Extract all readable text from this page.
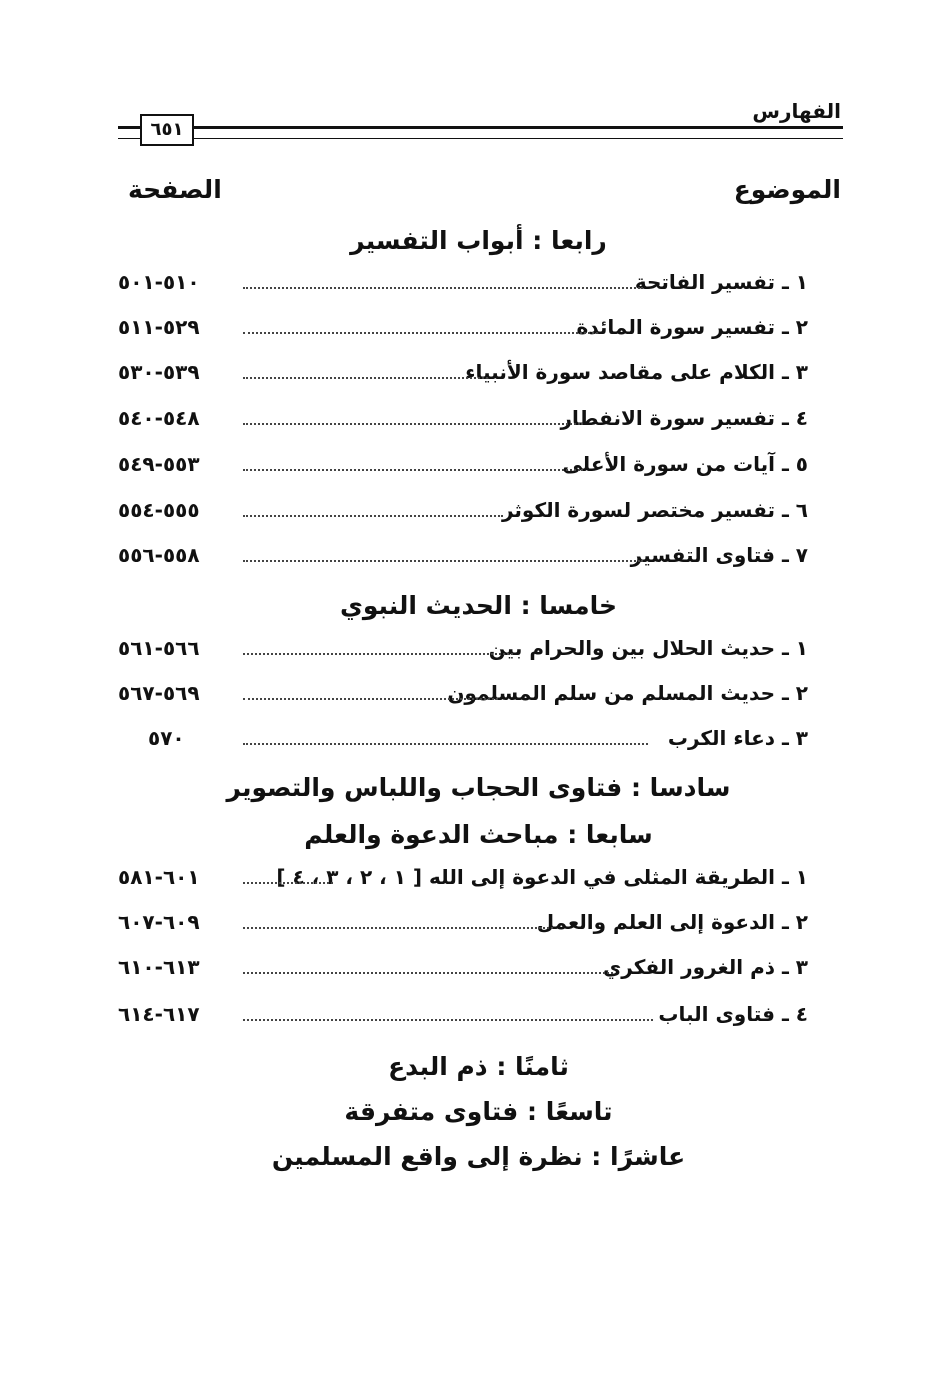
الفهارس
٦٥١
الموضوع
الصفحة
رابعا : أبواب التفسير
١ ـ تفسير الفاتحة
٥١٠-٥٠١
٢ ـ تفسير سورة المائدة
٥٢٩-٥١١
٣ ـ الكلام على مقاصد سورة الأنبياء
٥٣٩-٥٣٠
٤ ـ تفسير سورة الانفطار
٥٤٨-٥٤٠
٥ ـ آيات من سورة الأعلى
٥٥٣-٥٤٩
٦ ـ تفسير مختصر لسورة الكوثر
٥٥٥-٥٥٤
٧ ـ فتاوى التفسير
٥٥٨-٥٥٦
خامسا : الحديث النبوي
١ ـ حديث الحلال بين والحرام بين
٥٦٦-٥٦١
٢ ـ حديث المسلم من سلم المسلمون
٥٦٩-٥٦٧
٣ ـ دعاء الكرب
٥٧٠
سادسا : فتاوى الحجاب واللباس والتصوير
سابعا : مباحث الدعوة والعلم
١ ـ الطريقة المثلى في الدعوة إلى الله [ ١ ، ٢ ، ٣ ، ٤ ]
٦٠١-٥٨١
٢ ـ الدعوة إلى العلم والعمل
٦٠٩-٦٠٧
٣ ـ ذم الغرور الفكري
٦١٣-٦١٠
٤ ـ فتاوى الباب
٦١٧-٦١٤
ثامنًا : ذم البدع
تاسعًا : فتاوى متفرقة
عاشرًا : نظرة إلى واقع المسلمين
